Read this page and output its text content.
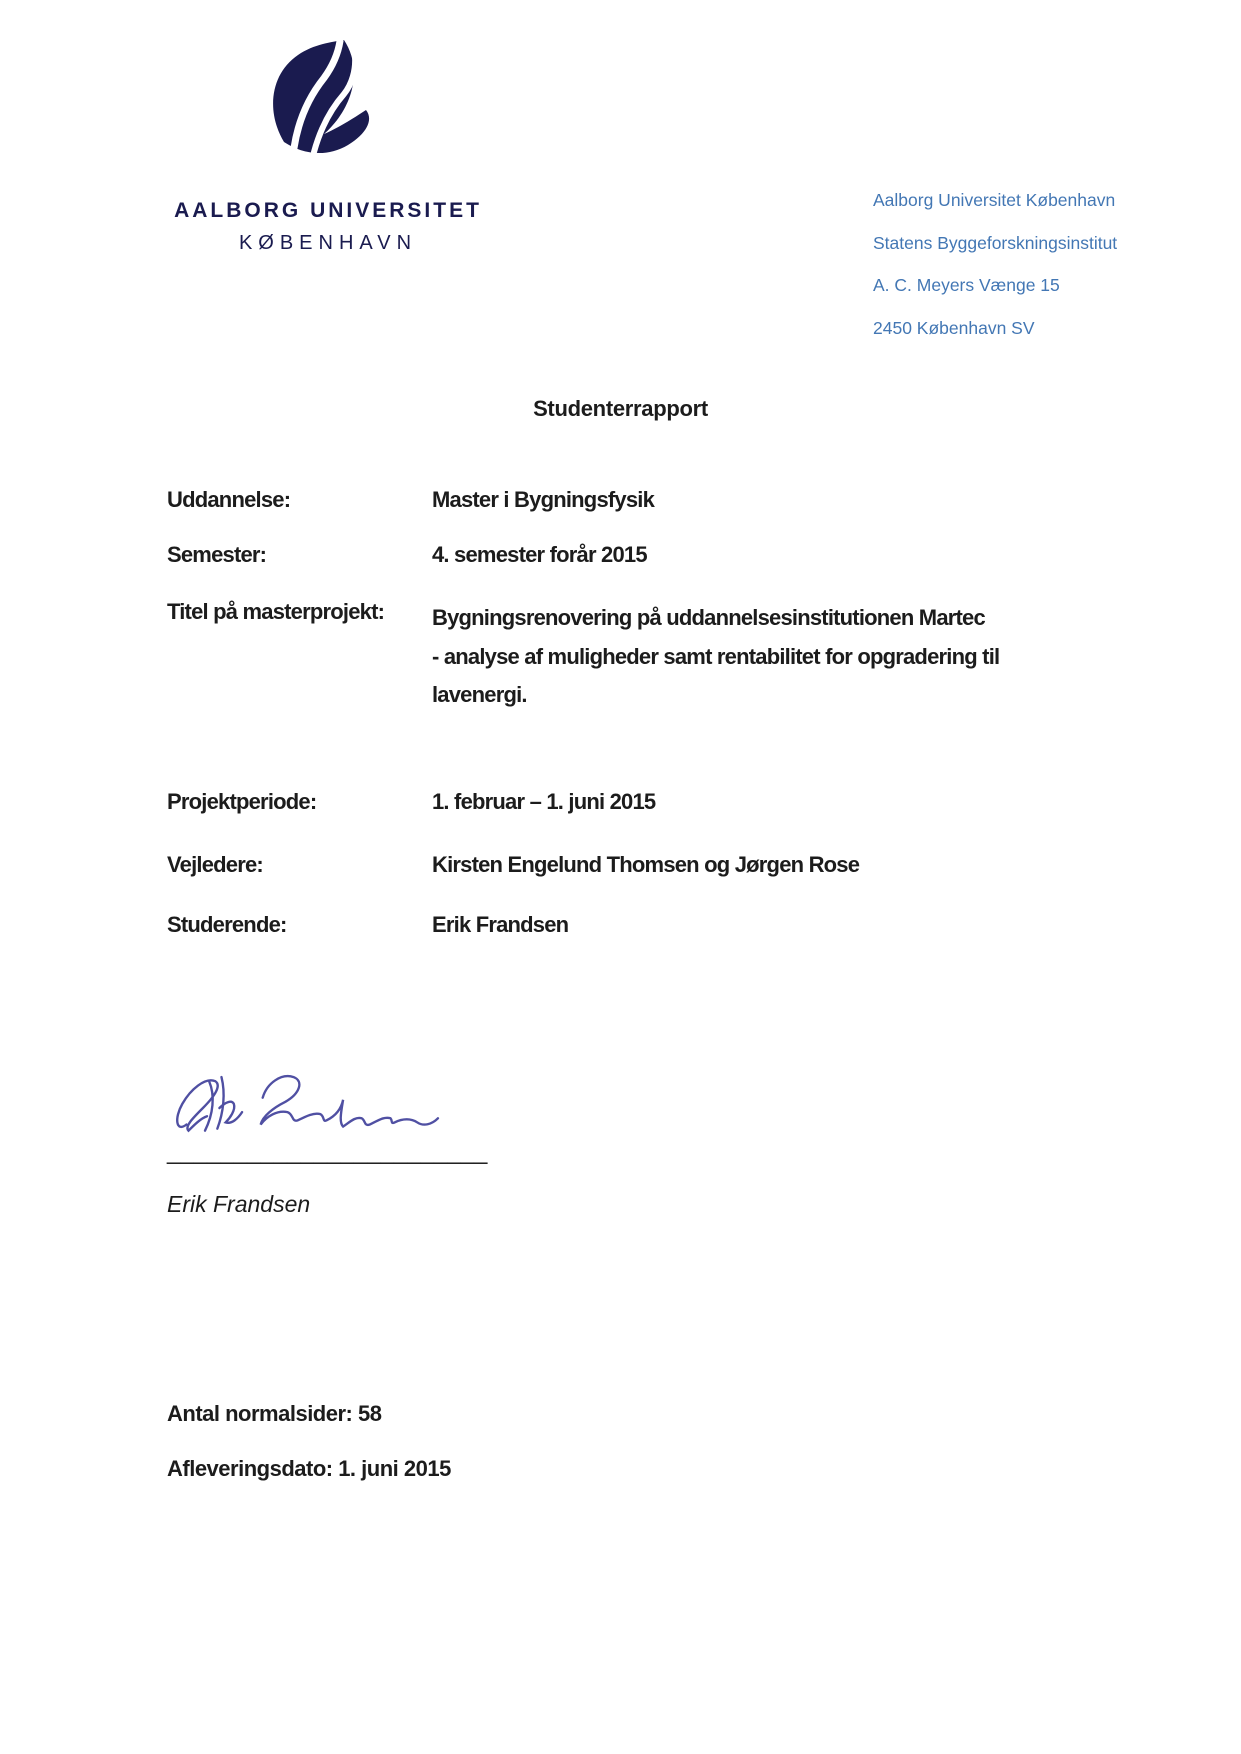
AALBORG UNIVERSITET
KØBENHAVN
Aalborg Universitet København
Statens Byggeforskningsinstitut
A. C. Meyers Vænge 15
2450 København SV
Studenterrapport
Uddannelse:	Master i Bygningsfysik
Semester:	4. semester forår 2015
Titel på masterprojekt: Bygningsrenovering på uddannelsesinstitutionen Martec
- analyse af muligheder samt rentabilitet for opgradering til
lavenergi.
Projektperiode:	1. februar – 1. juni 2015
Vejledere:	Kirsten Engelund Thomsen og Jørgen Rose
Studerende:	Erik Frandsen
________________________
Erik Frandsen
Antal normalsider: 58
Afleveringsdato: 1. juni 2015
